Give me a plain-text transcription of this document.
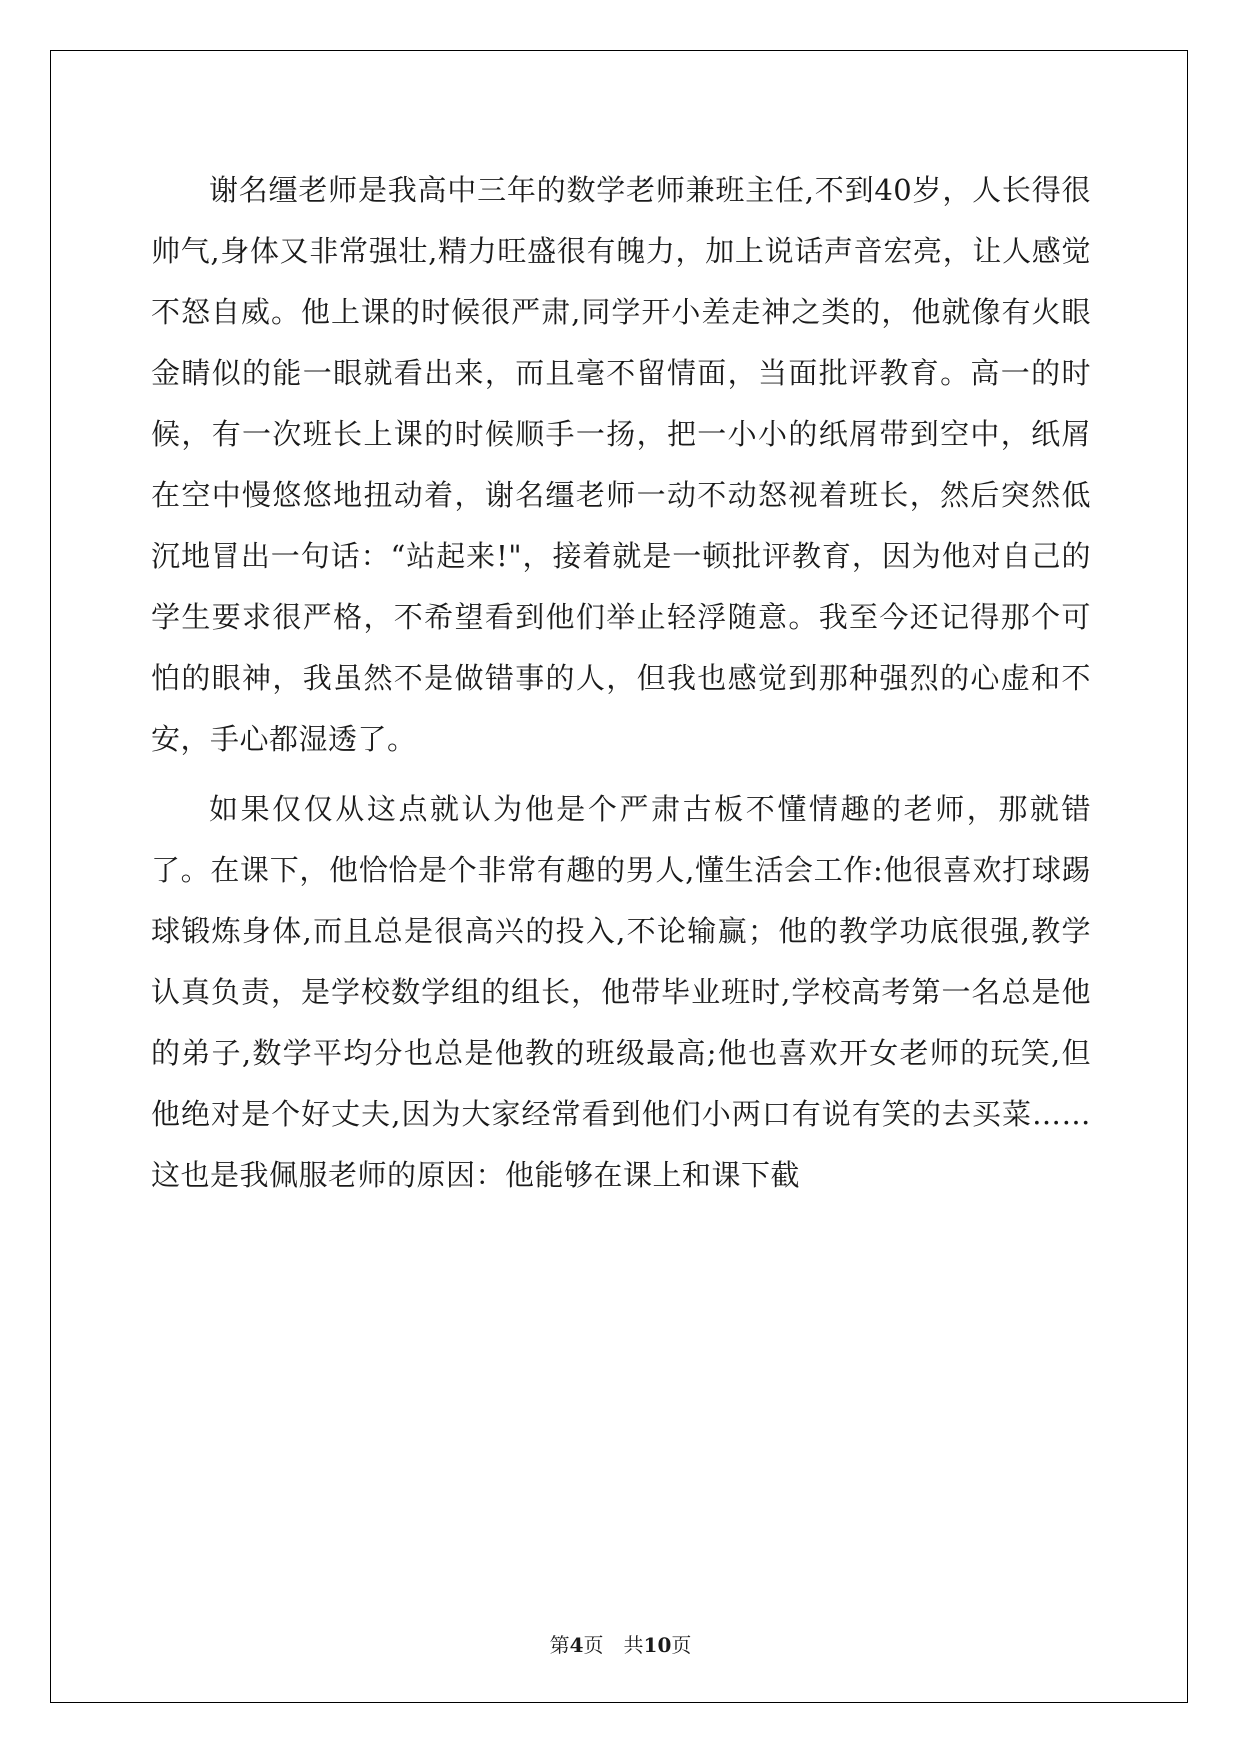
谢名缰老师是我高中三年的数学老师兼班主任,不到40岁，人长得很帅气,身体又非常强壮,精力旺盛很有魄力，加上说话声音宏亮，让人感觉不怒自威。他上课的时候很严肃,同学开小差走神之类的，他就像有火眼金睛似的能一眼就看出来，而且毫不留情面，当面批评教育。高一的时候，有一次班长上课的时候顺手一扬，把一小小的纸屑带到空中，纸屑在空中慢悠悠地扭动着，谢名缰老师一动不动怒视着班长，然后突然低沉地冒出一句话：“站起来!"，接着就是一顿批评教育，因为他对自己的学生要求很严格，不希望看到他们举止轻浮随意。我至今还记得那个可怕的眼神，我虽然不是做错事的人，但我也感觉到那种强烈的心虚和不安，手心都湿透了。

如果仅仅从这点就认为他是个严肃古板不懂情趣的老师，那就错了。在课下，他恰恰是个非常有趣的男人,懂生活会工作:他很喜欢打球踢球锻炼身体,而且总是很高兴的投入,不论输赢；他的教学功底很强,教学认真负责，是学校数学组的组长，他带毕业班时,学校高考第一名总是他的弟子,数学平均分也总是他教的班级最高;他也喜欢开女老师的玩笑,但他绝对是个好丈夫,因为大家经常看到他们小两口有说有笑的去买菜……这也是我佩服老师的原因：他能够在课上和课下截

第4页 共10页
